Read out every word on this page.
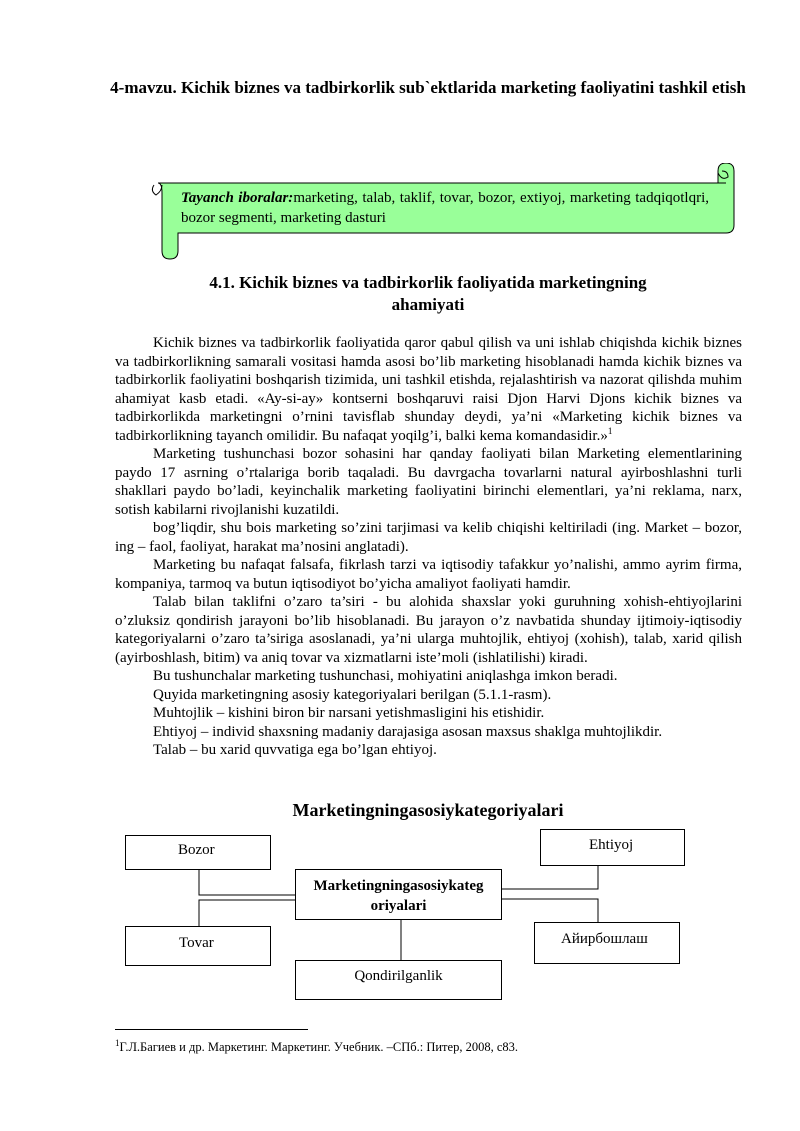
4-mavzu. Kichik biznes va tadbirkorlik sub`ektlarida marketing faoliyatini tashkil etish
Tayanch iboralar:marketing, talab, taklif, tovar, bozor, extiyoj, marketing tadqiqotlqri, bozor segmenti, marketing dasturi
4.1. Kichik biznes va tadbirkorlik faoliyatida marketingning ahamiyati

Kichik biznes va tadbirkorlik faoliyatida qaror qabul qilish va uni ishlab chiqishda kichik biznes va tadbirkorlikning samarali vositasi hamda asosi bo’lib marketing hisoblanadi hamda kichik biznes va tadbirkorlik faoliyatini boshqarish tizimida, uni tashkil etishda, rejalashtirish va nazorat qilishda muhim ahamiyat kasb etadi. «Ay-si-ay» kontserni boshqaruvi raisi Djon Harvi Djons kichik biznes va tadbirkorlikda marketingni o’rnini tavisflab shunday deydi, ya’ni «Marketing kichik biznes va tadbirkorlikning tayanch omilidir. Bu nafaqat yoqilg’i, balki kema komandasidir.»$^1$

Marketing tushunchasi bozor sohasini har qanday faoliyati bilan Marketing elementlarining paydo 17 asrning o’rtalariga borib taqaladi. Bu davrgacha tovarlarni natural ayirboshlashni turli shakllari paydo bo’ladi, keyinchalik marketing faoliyatini birinchi elementlari, ya’ni reklama, narx, sotish kabilarni rivojlanishi kuzatildi.

bog’liqdir, shu bois marketing so’zini tarjimasi va kelib chiqishi keltiriladi (ing. Market – bozor, ing – faol, faoliyat, harakat ma’nosini anglatadi).

Marketing bu nafaqat falsafa, fikrlash tarzi va iqtisodiy tafakkur yo’nalishi, ammo ayrim firma, kompaniya, tarmoq va butun iqtisodiyot bo’yicha amaliyot faoliyati hamdir.

Talab bilan taklifni o’zaro ta’siri - bu alohida shaxslar yoki guruhning xohish-ehtiyojlarini o’zluksiz qondirish jarayoni bo’lib hisoblanadi. Bu jarayon o’z navbatida shunday ijtimoiy-iqtisodiy kategoriyalarni o’zaro ta’siriga asoslanadi, ya’ni ularga muhtojlik, ehtiyoj (xohish), talab, xarid qilish (ayirboshlash, bitim) va aniq tovar va xizmatlarni iste’moli (ishlatilishi) kiradi.

Bu tushunchalar marketing tushunchasi, mohiyatini aniqlashga imkon beradi.

Quyida marketingning asosiy kategoriyalari berilgan (5.1.1-rasm).

Muhtojlik – kishini biron bir narsani yetishmasligini his etishidir.

Ehtiyoj – individ shaxsning madaniy darajasiga asosan maxsus shaklga muhtojlikdir.

Talab – bu xarid quvvatiga ega bo’lgan ehtiyoj.

Marketingningasosiykategoriyalari
Bozor	Ehtiyoj
Marketingningasosiykateg
oriyalari
Tovar	Айирбошлаш
Qondirilganlik
$^1$Г.Л.Багиев и др. Маркетинг. Маркетинг. Учебник. –СПб.: Питер, 2008, с83.
